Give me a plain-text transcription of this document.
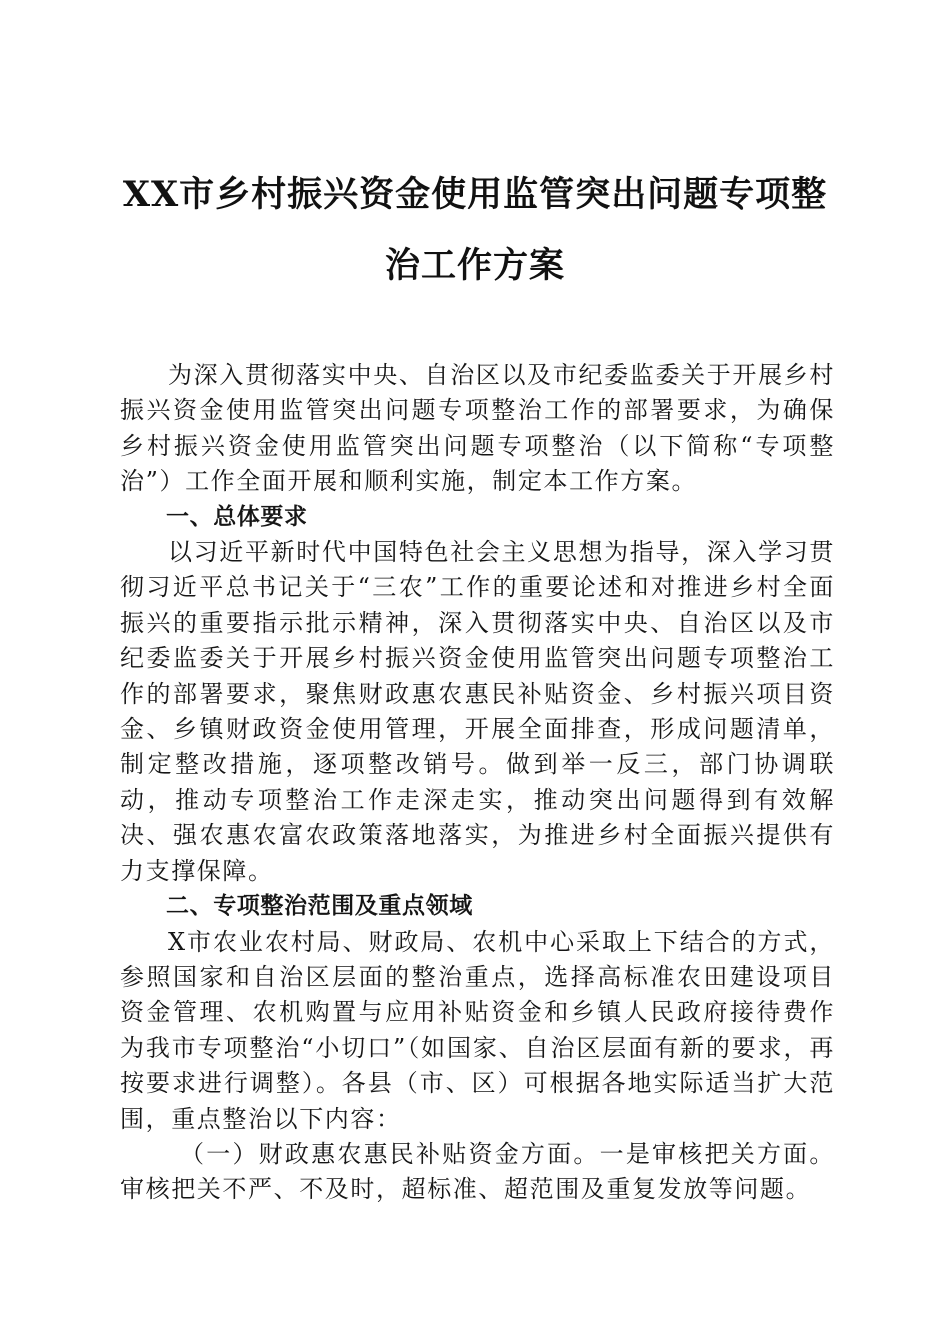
XX市乡村振兴资金使用监管突出问题专项整
治工作方案

为深入贯彻落实中央、自治区以及市纪委监委关于开展乡村振兴资金使用监管突出问题专项整治工作的部署要求，为确保乡村振兴资金使用监管突出问题专项整治（以下简称“专项整治”）工作全面开展和顺利实施，制定本工作方案。

一、总体要求

以习近平新时代中国特色社会主义思想为指导，深入学习贯彻习近平总书记关于“三农”工作的重要论述和对推进乡村全面振兴的重要指示批示精神，深入贯彻落实中央、自治区以及市纪委监委关于开展乡村振兴资金使用监管突出问题专项整治工作的部署要求，聚焦财政惠农惠民补贴资金、乡村振兴项目资金、乡镇财政资金使用管理，开展全面排查，形成问题清单，制定整改措施，逐项整改销号。做到举一反三，部门协调联动，推动专项整治工作走深走实，推动突出问题得到有效解决、强农惠农富农政策落地落实，为推进乡村全面振兴提供有力支撑保障。

二、专项整治范围及重点领域

X市农业农村局、财政局、农机中心采取上下结合的方式，参照国家和自治区层面的整治重点，选择高标准农田建设项目资金管理、农机购置与应用补贴资金和乡镇人民政府接待费作为我市专项整治“小切口”（如国家、自治区层面有新的要求，再按要求进行调整）。各县（市、区）可根据各地实际适当扩大范围，重点整治以下内容：

（一）财政惠农惠民补贴资金方面。一是审核把关方面。审核把关不严、不及时，超标准、超范围及重复发放等问题。
